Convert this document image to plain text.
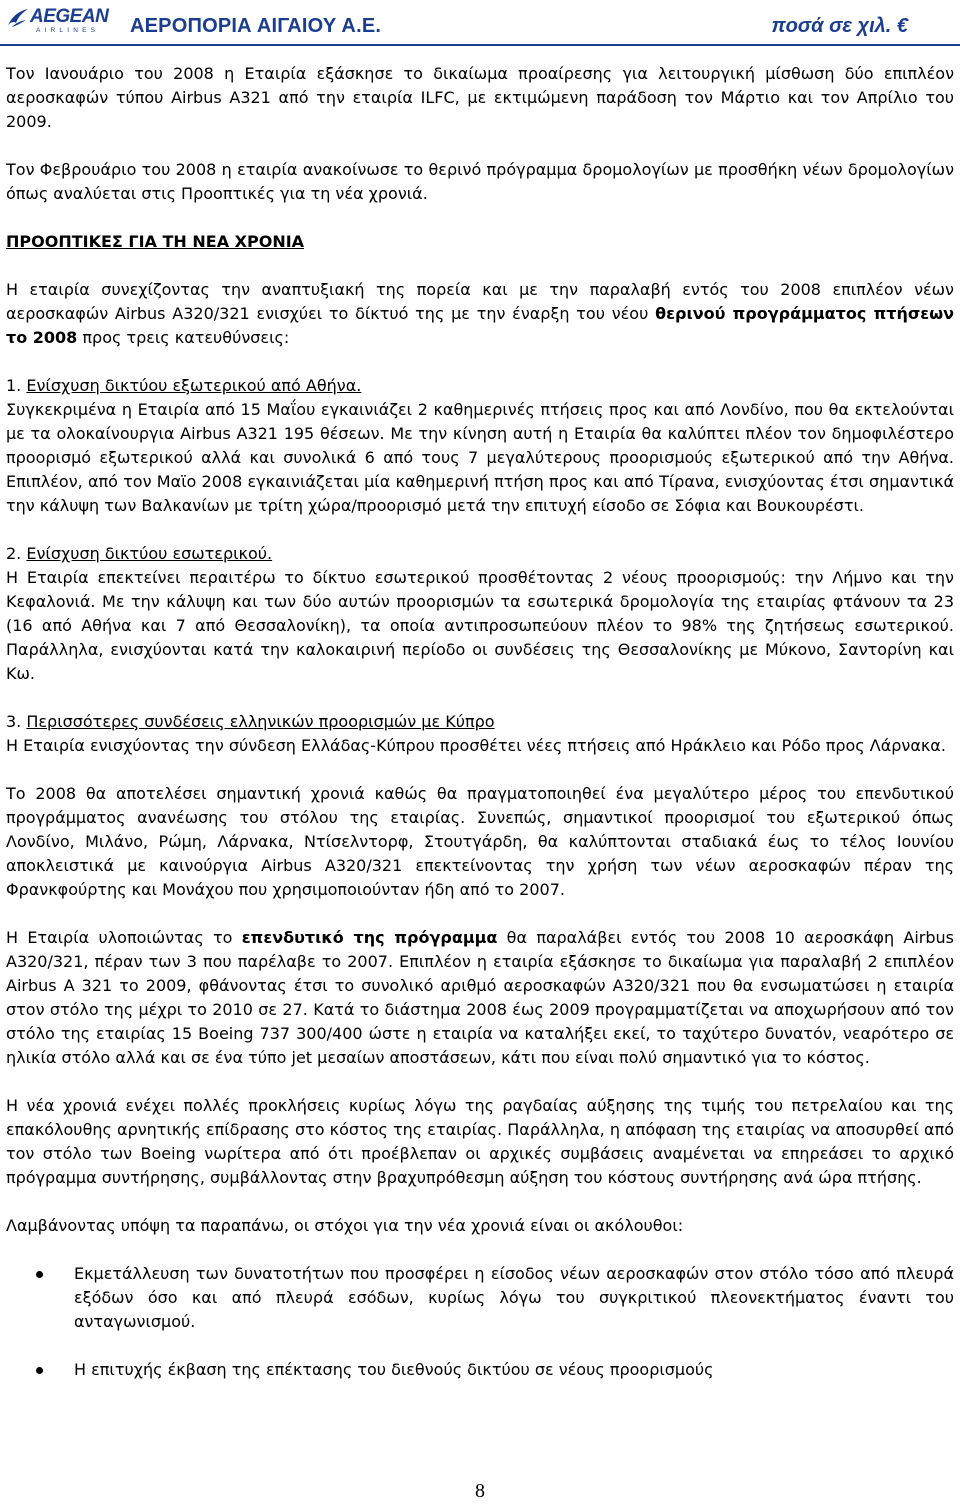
AEGEAN
AIRLINES ΑΕΡΟΠΟΡΙΑ ΑΙΓΑΙΟΥ Α.Ε.	ποσά σε χιλ. €

Τον Ιανουάριο του 2008 η Εταιρία εξάσκησε το δικαίωμα προαίρεσης για λειτουργική μίσθωση δύο επιπλέον αεροσκαφών τύπου Airbus A321 από την εταιρία ILFC, με εκτιμώμενη παράδοση τον Μάρτιο και τον Απρίλιο του 2009.

Τον Φεβρουάριο του 2008 η εταιρία ανακοίνωσε το θερινό πρόγραμμα δρομολογίων με προσθήκη νέων δρομολογίων όπως αναλύεται στις Προοπτικές για τη νέα χρονιά.

ΠΡΟΟΠΤΙΚΕΣ ΓΙΑ ΤΗ ΝΕΑ ΧΡΟΝΙΑ

Η εταιρία συνεχίζοντας την αναπτυξιακή της πορεία και με την παραλαβή εντός του 2008 επιπλέον νέων αεροσκαφών Airbus A320/321 ενισχύει το δίκτυό της με την έναρξη του νέου θερινού προγράμματος πτήσεων το 2008 προς τρεις κατευθύνσεις:

1. Ενίσχυση δικτύου εξωτερικού από Αθήνα.

Συγκεκριμένα η Εταιρία από 15 Μαΐου εγκαινιάζει 2 καθημερινές πτήσεις προς και από Λονδίνο, που θα εκτελούνται με τα ολοκαίνουργια Airbus A321 195 θέσεων. Με την κίνηση αυτή η Εταιρία θα καλύπτει πλέον τον δημοφιλέστερο προορισμό εξωτερικού αλλά και συνολικά 6 από τους 7 μεγαλύτερους προορισμούς εξωτερικού από την Αθήνα. Επιπλέον, από τον Μαϊο 2008 εγκαινιάζεται μία καθημερινή πτήση προς και από Τίρανα, ενισχύοντας έτσι σημαντικά την κάλυψη των Βαλκανίων με τρίτη χώρα/προορισμό μετά την επιτυχή είσοδο σε Σόφια και Βουκουρέστι.

2. Ενίσχυση δικτύου εσωτερικού.

Η Εταιρία επεκτείνει περαιτέρω το δίκτυο εσωτερικού προσθέτοντας 2 νέους προορισμούς: την Λήμνο και την Κεφαλονιά. Με την κάλυψη και των δύο αυτών προορισμών τα εσωτερικά δρομολογία της εταιρίας φτάνουν τα 23 (16 από Αθήνα και 7 από Θεσσαλονίκη), τα οποία αντιπροσωπεύουν πλέον το 98% της ζητήσεως εσωτερικού. Παράλληλα, ενισχύονται κατά την καλοκαιρινή περίοδο οι συνδέσεις της Θεσσαλονίκης με Μύκονο, Σαντορίνη και Κω.

3. Περισσότερες συνδέσεις ελληνικών προορισμών με Κύπρο

Η Εταιρία ενισχύοντας την σύνδεση Ελλάδας-Κύπρου προσθέτει νέες πτήσεις από Ηράκλειο και Ρόδο προς Λάρνακα.

Το 2008 θα αποτελέσει σημαντική χρονιά καθώς θα πραγματοποιηθεί ένα μεγαλύτερο μέρος του επενδυτικού προγράμματος ανανέωσης του στόλου της εταιρίας. Συνεπώς, σημαντικοί προορισμοί του εξωτερικού όπως Λονδίνο, Μιλάνο, Ρώμη, Λάρνακα, Ντίσελντορφ, Στουτγάρδη, θα καλύπτονται σταδιακά έως το τέλος Ιουνίου αποκλειστικά με καινούργια Airbus A320/321 επεκτείνοντας την χρήση των νέων αεροσκαφών πέραν της Φρανκφούρτης και Μονάχου που χρησιμοποιούνταν ήδη από το 2007.

Η Εταιρία υλοποιώντας το επενδυτικό της πρόγραμμα θα παραλάβει εντός του 2008 10 αεροσκάφη Airbus A320/321, πέραν των 3 που παρέλαβε το 2007. Επιπλέον η εταιρία εξάσκησε το δικαίωμα για παραλαβή 2 επιπλέον Airbus A 321 το 2009, φθάνοντας έτσι το συνολικό αριθμό αεροσκαφών A320/321 που θα ενσωματώσει η εταιρία στον στόλο της μέχρι το 2010 σε 27. Κατά το διάστημα 2008 έως 2009 προγραμματίζεται να αποχωρήσουν από τον στόλο της εταιρίας 15 Boeing 737 300/400 ώστε η εταιρία να καταλήξει εκεί, το ταχύτερο δυνατόν, νεαρότερο σε ηλικία στόλο αλλά και σε ένα τύπο jet μεσαίων αποστάσεων, κάτι που είναι πολύ σημαντικό για το κόστος.

Η νέα χρονιά ενέχει πολλές προκλήσεις κυρίως λόγω της ραγδαίας αύξησης της τιμής του πετρελαίου και της επακόλουθης αρνητικής επίδρασης στο κόστος της εταιρίας. Παράλληλα, η απόφαση της εταιρίας να αποσυρθεί από τον στόλο των Boeing νωρίτερα από ότι προέβλεπαν οι αρχικές συμβάσεις αναμένεται να επηρεάσει το αρχικό πρόγραμμα συντήρησης, συμβάλλοντας στην βραχυπρόθεσμη αύξηση του κόστους συντήρησης ανά ώρα πτήσης.

Λαμβάνοντας υπόψη τα παραπάνω, οι στόχοι για την νέα χρονιά είναι οι ακόλουθοι:

Εκμετάλλευση των δυνατοτήτων που προσφέρει η είσοδος νέων αεροσκαφών στον στόλο τόσο από πλευρά εξόδων όσο και από πλευρά εσόδων, κυρίως λόγω του συγκριτικού πλεονεκτήματος έναντι του ανταγωνισμού.
Η επιτυχής έκβαση της επέκτασης του διεθνούς δικτύου σε νέους προορισμούς
8
